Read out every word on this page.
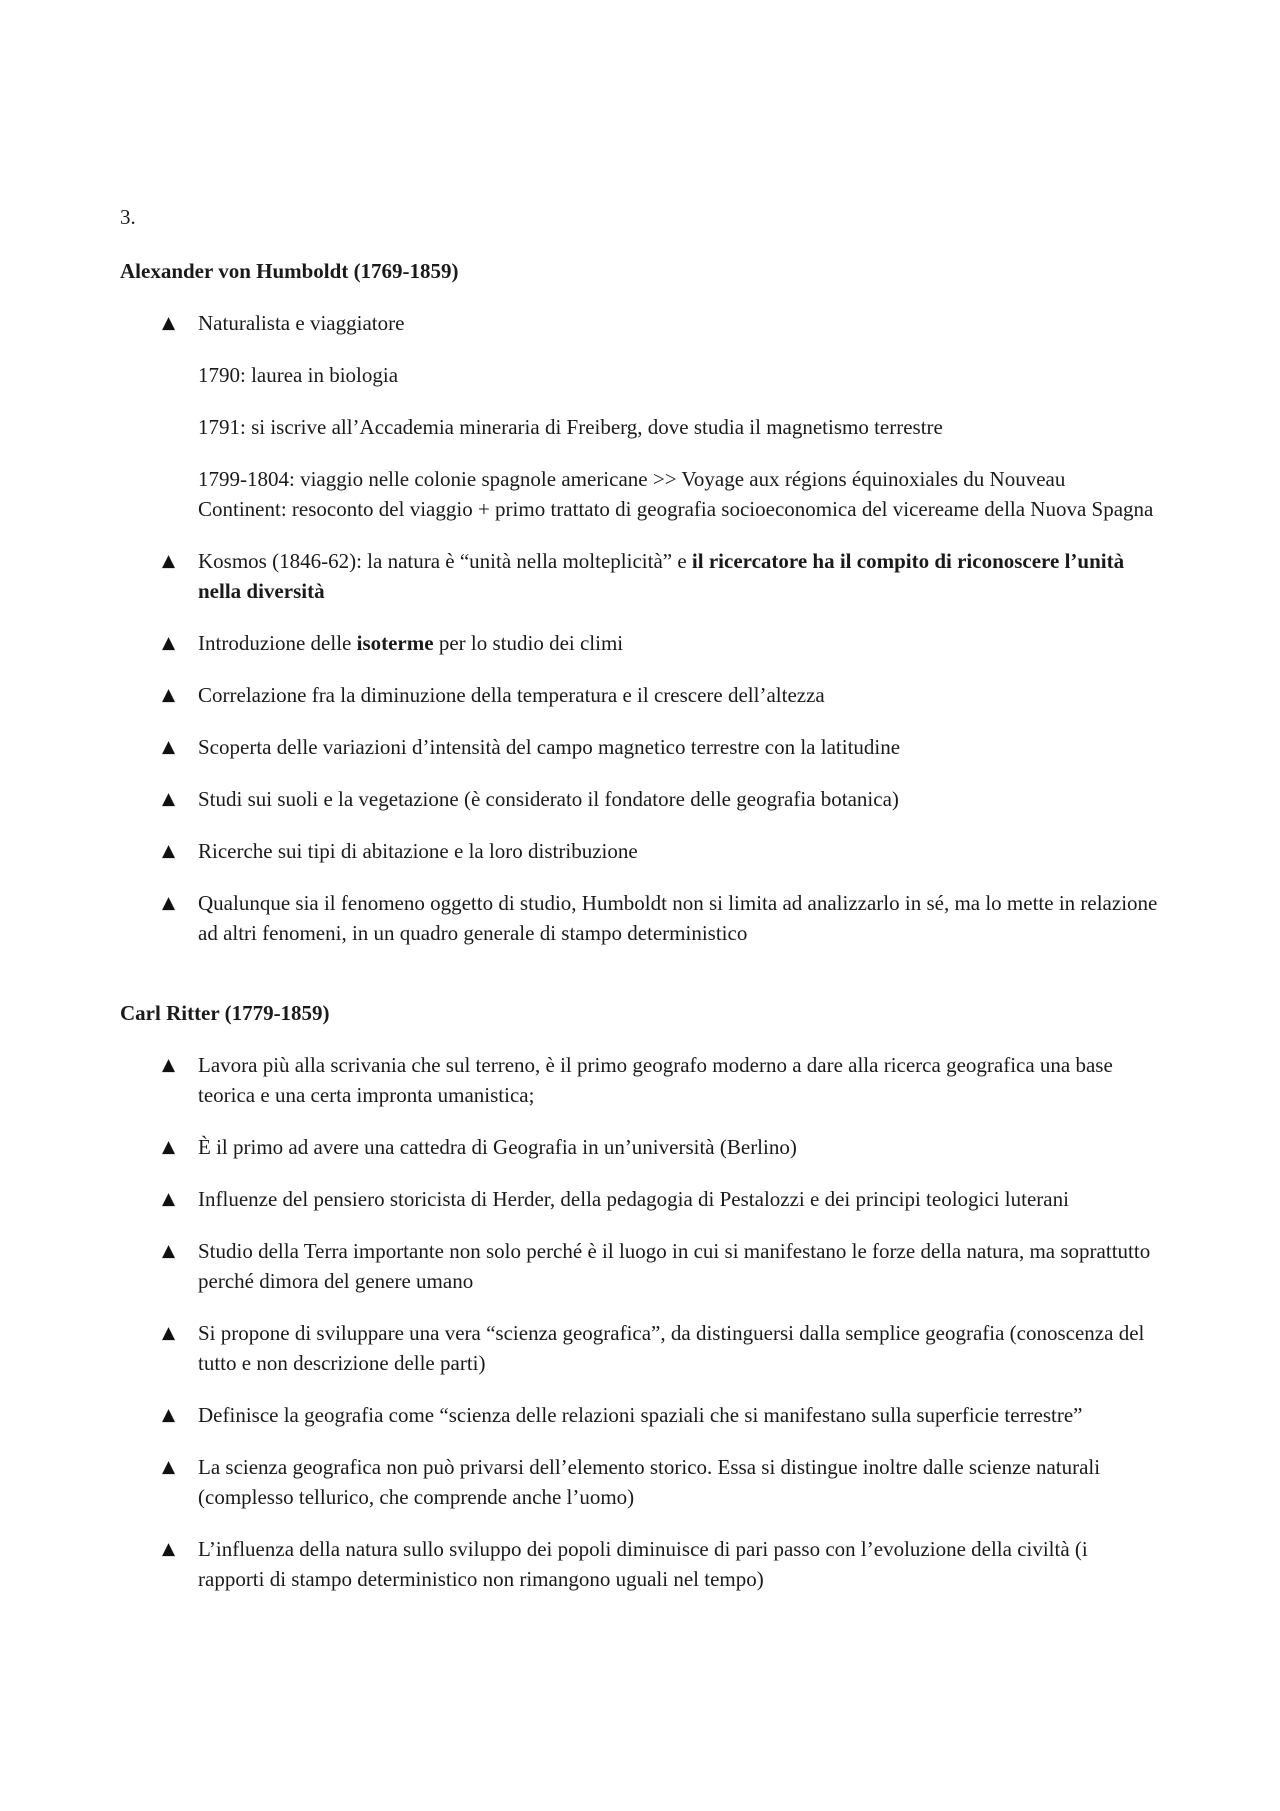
3.

Alexander von Humboldt (1769-1859)

▲ Naturalista e viaggiatore
1790: laurea in biologia
1791: si iscrive all’Accademia mineraria di Freiberg, dove studia il magnetismo terrestre
1799-1804: viaggio nelle colonie spagnole americane >> Voyage aux régions équinoxiales du Nouveau Continent: resoconto del viaggio + primo trattato di geografia socioeconomica del vicereame della Nuova Spagna
▲ Kosmos (1846-62): la natura è “unità nella molteplicità” e il ricercatore ha il compito di riconoscere l’unità nella diversità
▲ Introduzione delle isoterme per lo studio dei climi
▲ Correlazione fra la diminuzione della temperatura e il crescere dell’altezza
▲ Scoperta delle variazioni d’intensità del campo magnetico terrestre con la latitudine
▲ Studi sui suoli e la vegetazione (è considerato il fondatore delle geografia botanica)
▲ Ricerche sui tipi di abitazione e la loro distribuzione
▲ Qualunque sia il fenomeno oggetto di studio, Humboldt non si limita ad analizzarlo in sé, ma lo mette in relazione ad altri fenomeni, in un quadro generale di stampo deterministico

Carl Ritter (1779-1859)

▲ Lavora più alla scrivania che sul terreno, è il primo geografo moderno a dare alla ricerca geografica una base teorica e una certa impronta umanistica;
▲ È il primo ad avere una cattedra di Geografia in un’università (Berlino)
▲ Influenze del pensiero storicista di Herder, della pedagogia di Pestalozzi e dei principi teologici luterani
▲ Studio della Terra importante non solo perché è il luogo in cui si manifestano le forze della natura, ma soprattutto perché dimora del genere umano
▲ Si propone di sviluppare una vera “scienza geografica”, da distinguersi dalla semplice geografia (conoscenza del tutto e non descrizione delle parti)
▲ Definisce la geografia come “scienza delle relazioni spaziali che si manifestano sulla superficie terrestre”
▲ La scienza geografica non può privarsi dell’elemento storico. Essa si distingue inoltre dalle scienze naturali (complesso tellurico, che comprende anche l’uomo)
▲ L’influenza della natura sullo sviluppo dei popoli diminuisce di pari passo con l’evoluzione della civiltà (i rapporti di stampo deterministico non rimangono uguali nel tempo)
